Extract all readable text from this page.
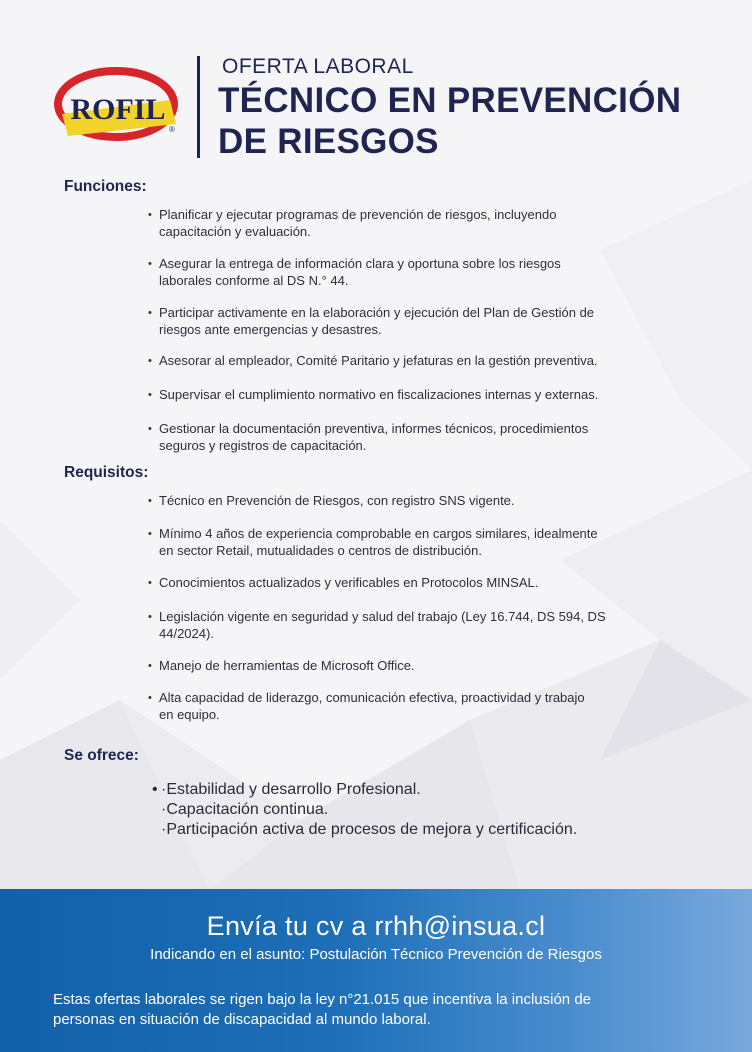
ROFIL
®
OFERTA LABORAL
TÉCNICO EN PREVENCIÓN
DE RIESGOS
Funciones:
• Planificar y ejecutar programas de prevención de riesgos, incluyendo
capacitación y evaluación.
• Asegurar la entrega de información clara y oportuna sobre los riesgos
laborales conforme al DS N.° 44.
• Participar activamente en la elaboración y ejecución del Plan de Gestión de
riesgos ante emergencias y desastres.
• Asesorar al empleador, Comité Paritario y jefaturas en la gestión preventiva.
• Supervisar el cumplimiento normativo en fiscalizaciones internas y externas.
• Gestionar la documentación preventiva, informes técnicos, procedimientos
seguros y registros de capacitación.
Requisitos:
• Técnico en Prevención de Riesgos, con registro SNS vigente.
• Mínimo 4 años de experiencia comprobable en cargos similares, idealmente
en sector Retail, mutualidades o centros de distribución.
• Conocimientos actualizados y verificables en Protocolos MINSAL.
• Legislación vigente en seguridad y salud del trabajo (Ley 16.744, DS 594, DS
44/2024).
• Manejo de herramientas de Microsoft Office.
• Alta capacidad de liderazgo, comunicación efectiva, proactividad y trabajo
en equipo.
Se ofrece:
• ·Estabilidad y desarrollo Profesional.
·Capacitación continua.
·Participación activa de procesos de mejora y certificación.
Envía tu cv a rrhh@insua.cl
Indicando en el asunto: Postulación Técnico Prevención de Riesgos
Estas ofertas laborales se rigen bajo la ley n°21.015 que incentiva la inclusión de
personas en situación de discapacidad al mundo laboral.
